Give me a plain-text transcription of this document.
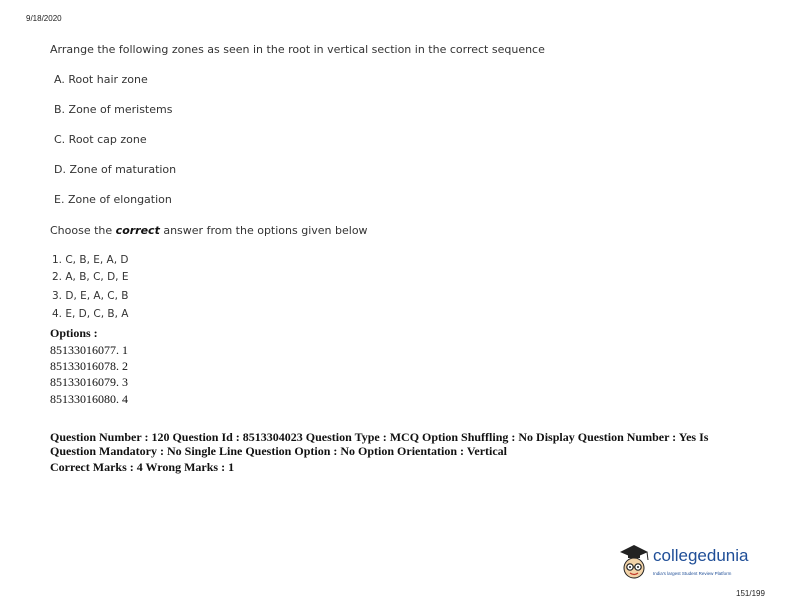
9/18/2020
Arrange the following zones as seen in the root in vertical section in the correct sequence
A. Root hair zone
B. Zone of meristems
C. Root cap zone
D. Zone of maturation
E. Zone of elongation
Choose the correct answer from the options given below
1. C, B, E, A, D
2. A, B, C, D, E
3. D, E, A, C, B
4. E, D, C, B, A
Options :
85133016077. 1
85133016078. 2
85133016079. 3
85133016080. 4
Question Number : 120 Question Id : 8513304023 Question Type : MCQ Option Shuffling : No Display Question Number : Yes Is
Question Mandatory : No Single Line Question Option : No Option Orientation : Vertical
Correct Marks : 4 Wrong Marks : 1
collegedunia
India's largest Student Review Platform
151/199
